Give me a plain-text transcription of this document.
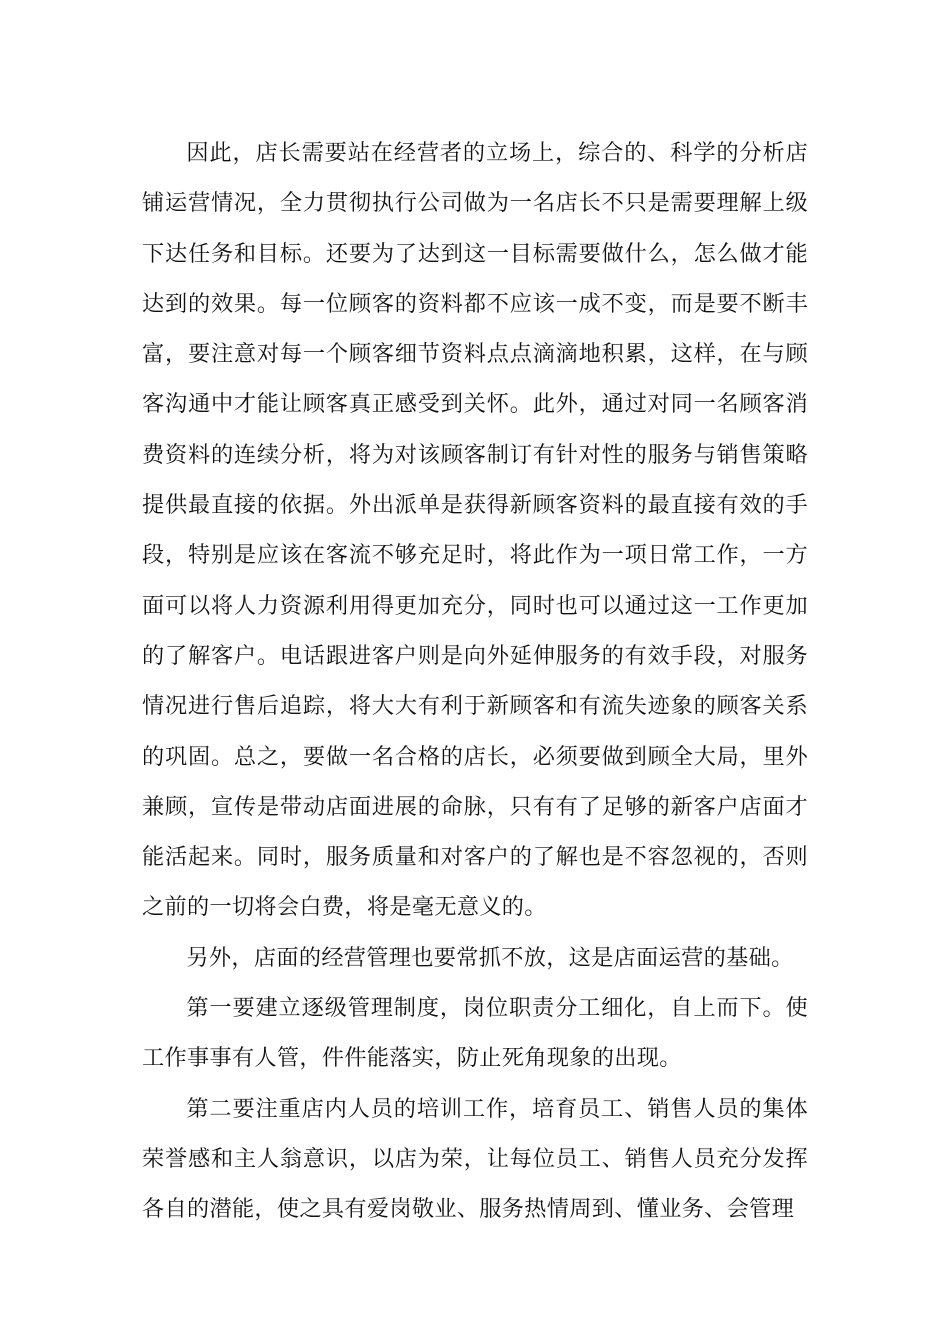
因此，店长需要站在经营者的立场上，综合的、科学的分析店铺运营情况，全力贯彻执行公司做为一名店长不只是需要理解上级下达任务和目标。还要为了达到这一目标需要做什么，怎么做才能达到的效果。每一位顾客的资料都不应该一成不变，而是要不断丰富，要注意对每一个顾客细节资料点点滴滴地积累，这样，在与顾客沟通中才能让顾客真正感受到关怀。此外，通过对同一名顾客消费资料的连续分析，将为对该顾客制订有针对性的服务与销售策略提供最直接的依据。外出派单是获得新顾客资料的最直接有效的手段，特别是应该在客流不够充足时，将此作为一项日常工作，一方面可以将人力资源利用得更加充分，同时也可以通过这一工作更加的了解客户。电话跟进客户则是向外延伸服务的有效手段，对服务情况进行售后追踪，将大大有利于新顾客和有流失迹象的顾客关系的巩固。总之，要做一名合格的店长，必须要做到顾全大局，里外兼顾，宣传是带动店面进展的命脉，只有有了足够的新客户店面才能活起来。同时，服务质量和对客户的了解也是不容忽视的，否则之前的一切将会白费，将是毫无意义的。

另外，店面的经营管理也要常抓不放，这是店面运营的基础。

第一要建立逐级管理制度，岗位职责分工细化，自上而下。使工作事事有人管，件件能落实，防止死角现象的出现。

第二要注重店内人员的培训工作，培育员工、销售人员的集体荣誉感和主人翁意识，以店为荣，让每位员工、销售人员充分发挥各自的潜能，使之具有爱岗敬业、服务热情周到、懂业务、会管理
